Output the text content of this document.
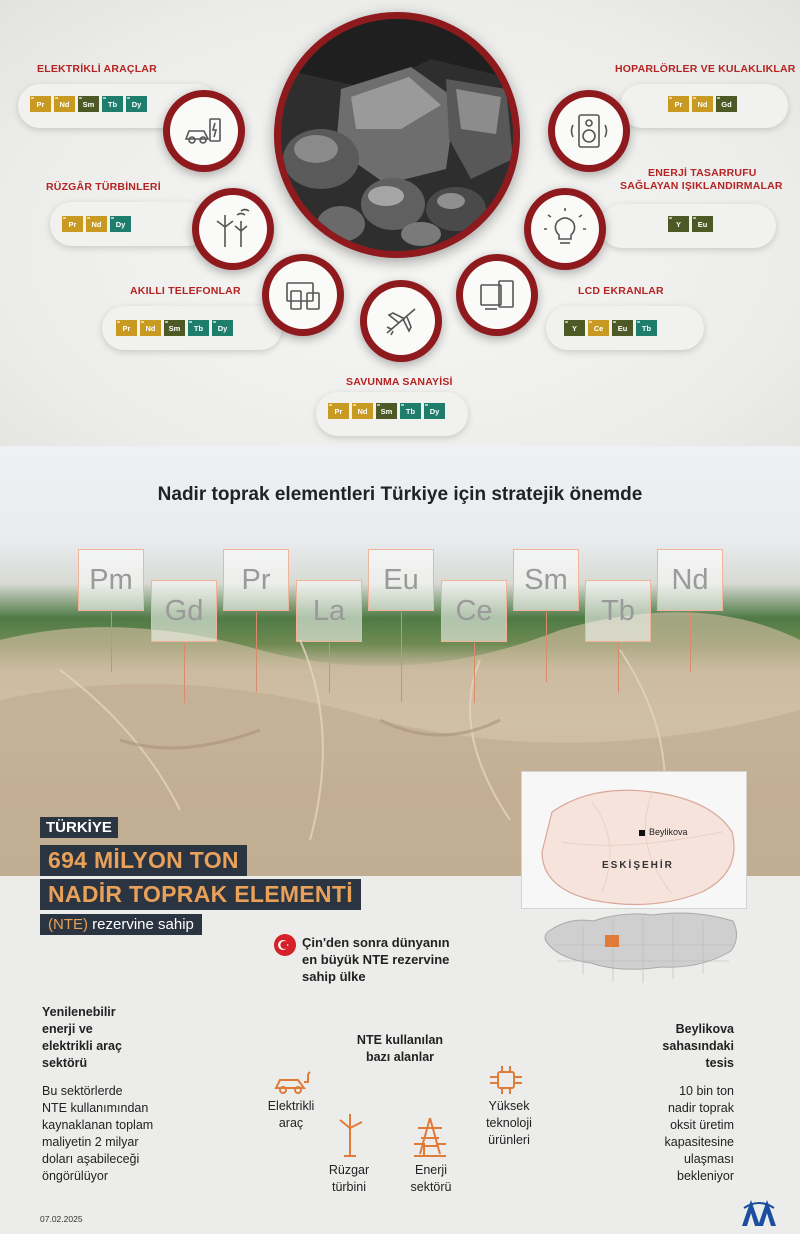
ELEKTRİKLİ ARAÇLAR
Pr	Nd	Sm	Tb	Dy
RÜZGÂR TÜRBİNLERİ
Pr	Nd	Dy
AKILLI TELEFONLAR
Pr	Nd	Sm	Tb	Dy
SAVUNMA SANAYİSİ
Pr	Nd	Sm	Tb	Dy
HOPARLÖRLER VE KULAKLIKLAR
Pr	Nd	Gd
ENERJİ TASARRUFU
SAĞLAYAN IŞIKLANDIRMALAR
Y	Eu
LCD EKRANLAR
Y	Ce	Eu	Tb
Nadir toprak elementleri Türkiye için stratejik önemde
Pm
Gd
Pr
La
Eu
Ce
Sm
Tb
Nd
Beylikova
ESKİŞEHİR
TÜRKİYE
694 MİLYON TON
NADİR TOPRAK ELEMENTİ
(NTE) rezervine sahip
Çin'den sonra dünyanın
en büyük NTE rezervine
sahip ülke
Yenilenebilir
enerji ve
elektrikli araç
sektörü
Bu sektörlerde
NTE kullanımından
kaynaklanan toplam
maliyetin 2 milyar
doları aşabileceği
öngörülüyor
NTE kullanılan
bazı alanlar
Elektrikli
araç
Rüzgar
türbini
Enerji
sektörü
Yüksek
teknoloji
ürünleri
Beylikova
sahasındaki
tesis
10 bin ton
nadir toprak
oksit üretim
kapasitesine
ulaşması
bekleniyor
07.02.2025
